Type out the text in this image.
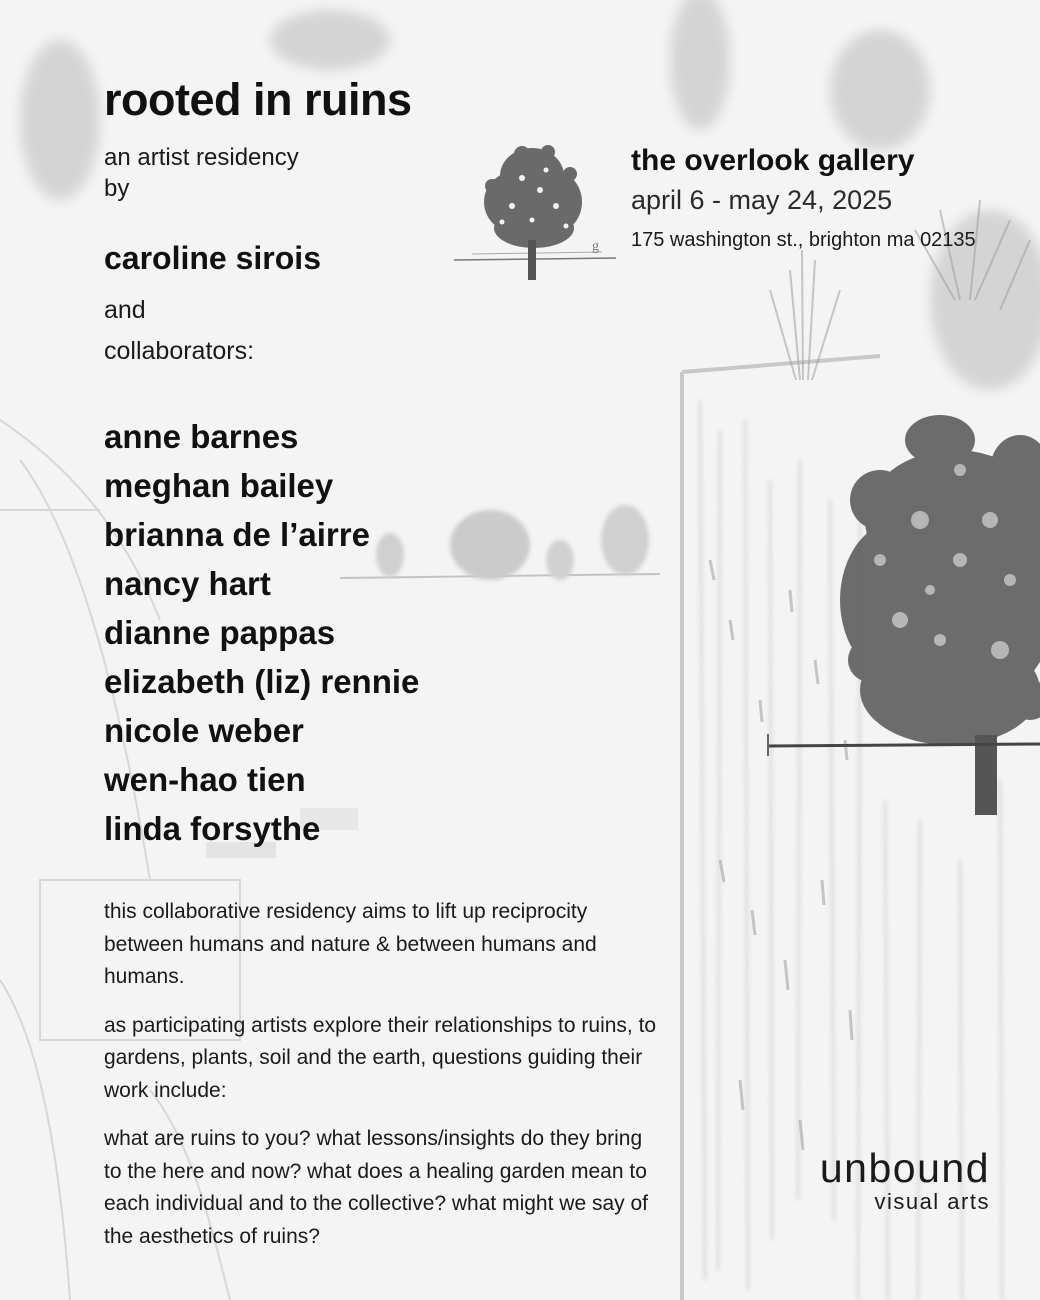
rooted in ruins
an artist residency
by
caroline sirois
and
collaborators:
anne barnes
meghan bailey
brianna de l’airre
nancy hart
dianne pappas
elizabeth (liz) rennie
nicole weber
wen-hao tien
linda forsythe
g
the overlook gallery
april 6 - may 24, 2025
175 washington st., brighton ma 02135

this collaborative residency aims to lift up reciprocity between humans and nature & between humans and humans.

as participating artists explore their relationships to ruins, to gardens, plants, soil and the earth, questions guiding their work include:

what are ruins to you? what lessons/insights do they bring to the here and now? what does a healing garden mean to each individual and to the collective? what might we say of the aesthetics of ruins?

unbound
visual arts
